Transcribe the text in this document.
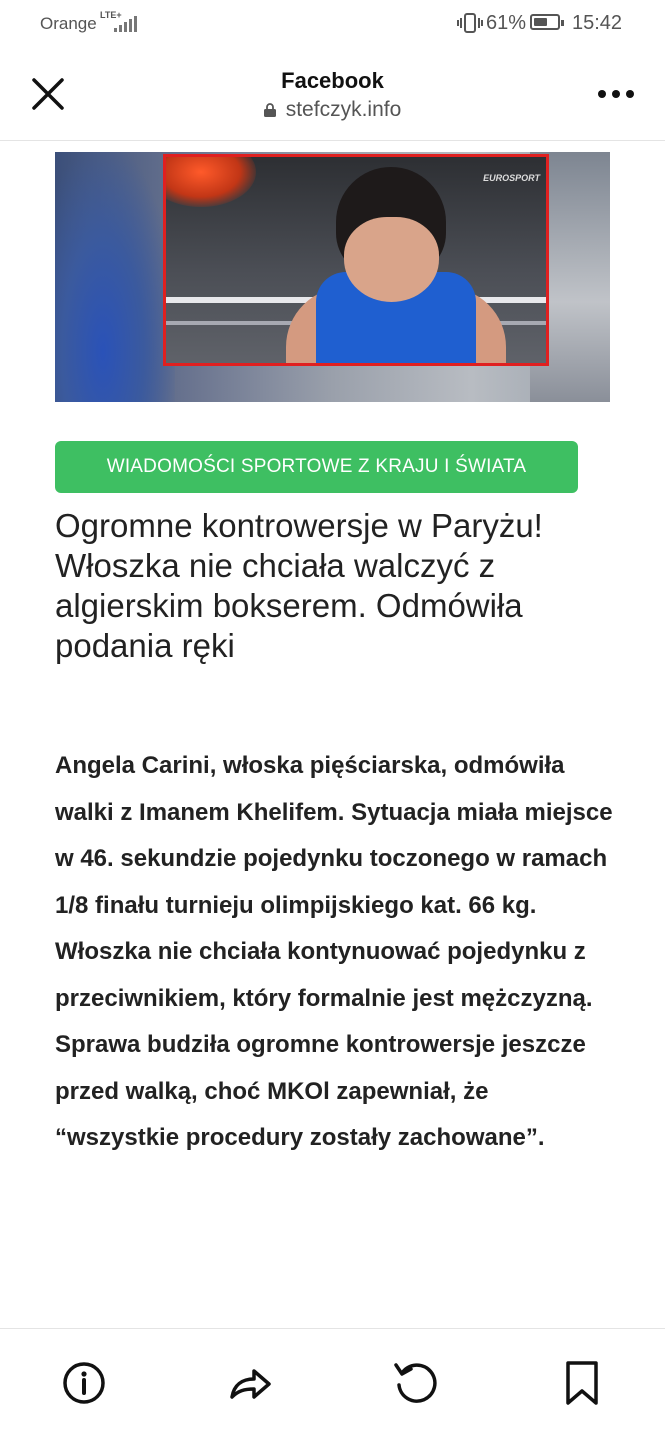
Orange LTE+	61% 15:42
Facebook
stefczyk.info
EUROSPORT
WIADOMOŚCI SPORTOWE Z KRAJU I ŚWIATA
Ogromne kontrowersje w Paryżu! Włoszka nie chciała walczyć z algierskim bokserem. Odmówiła podania ręki
Angela Carini, włoska pięściarska, odmówiła walki z Imanem Khelifem. Sytuacja miała miejsce w 46. sekundzie pojedynku toczonego w ramach 1/8 finału turnieju olimpijskiego kat. 66 kg. Włoszka nie chciała kontynuować pojedynku z przeciwnikiem, który formalnie jest mężczyzną. Sprawa budziła ogromne kontrowersje jeszcze przed walką, choć MKOl zapewniał, że “wszystkie procedury zostały zachowane”.
